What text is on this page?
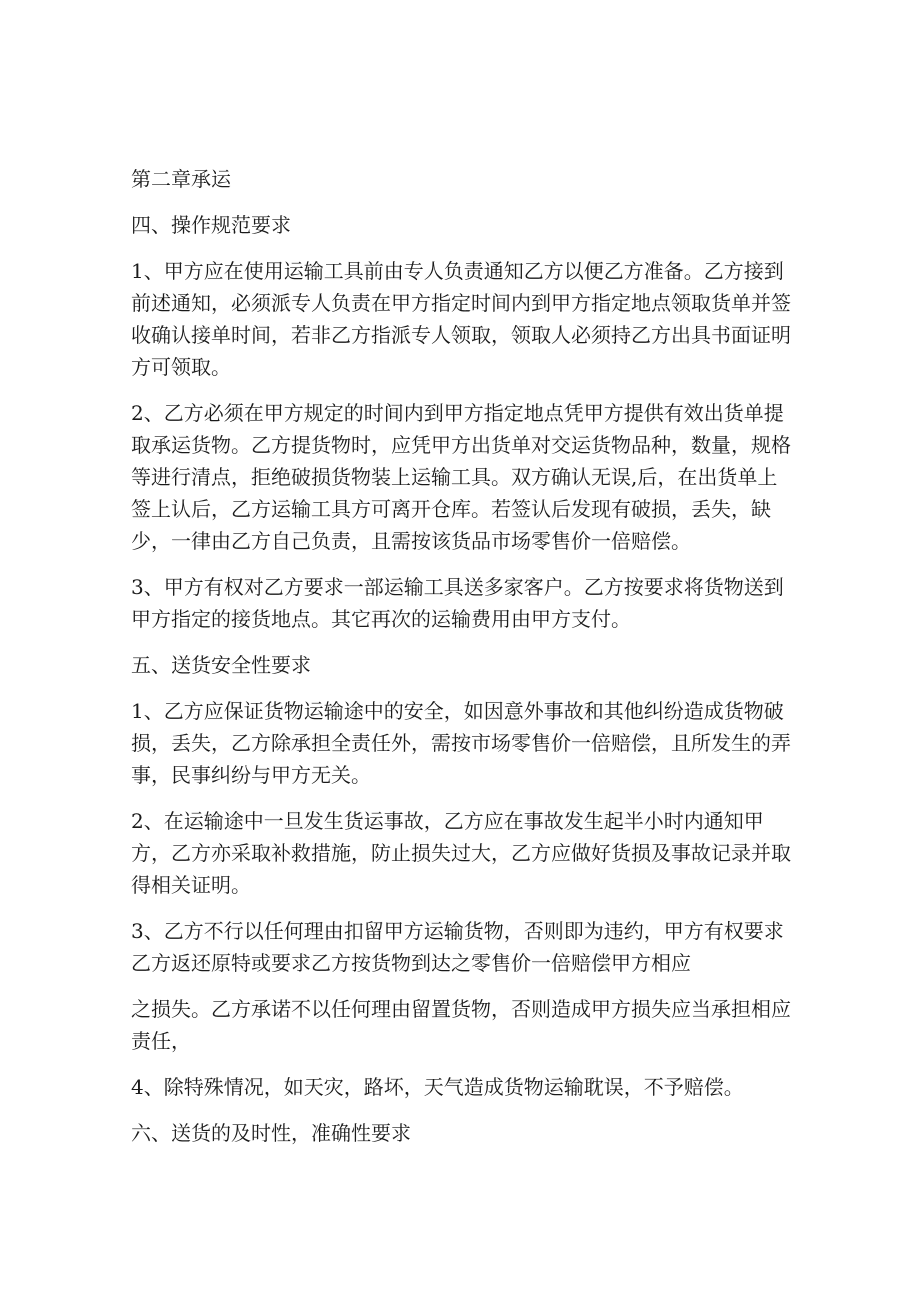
第二章承运
四、操作规范要求
1、甲方应在使用运输工具前由专人负责通知乙方以便乙方准备。乙方接到
前述通知，必须派专人负责在甲方指定时间内到甲方指定地点领取货单并签
收确认接单时间，若非乙方指派专人领取，领取人必须持乙方出具书面证明
方可领取。
2、乙方必须在甲方规定的时间内到甲方指定地点凭甲方提供有效出货单提
取承运货物。乙方提货物时，应凭甲方出货单对交运货物品种，数量，规格
等进行清点，拒绝破损货物装上运输工具。双方确认无误,后，在出货单上
签上认后，乙方运输工具方可离开仓库。若签认后发现有破损，丢失，缺
少，一律由乙方自己负责，且需按该货品市场零售价一倍赔偿。
3、甲方有权对乙方要求一部运输工具送多家客户。乙方按要求将货物送到
甲方指定的接货地点。其它再次的运输费用由甲方支付。
五、送货安全性要求
1、乙方应保证货物运输途中的安全，如因意外事故和其他纠纷造成货物破
损，丢失，乙方除承担全责任外，需按市场零售价一倍赔偿，且所发生的弄
事，民事纠纷与甲方无关。
2、在运输途中一旦发生货运事故，乙方应在事故发生起半小时内通知甲
方，乙方亦采取补救措施，防止损失过大，乙方应做好货损及事故记录并取
得相关证明。
3、乙方不行以任何理由扣留甲方运输货物，否则即为违约，甲方有权要求
乙方返还原特或要求乙方按货物到达之零售价一倍赔偿甲方相应
之损失。乙方承诺不以任何理由留置货物，否则造成甲方损失应当承担相应
责任，
4、除特殊情况，如天灾，路坏，天气造成货物运输耽误，不予赔偿。
六、送货的及时性，准确性要求
